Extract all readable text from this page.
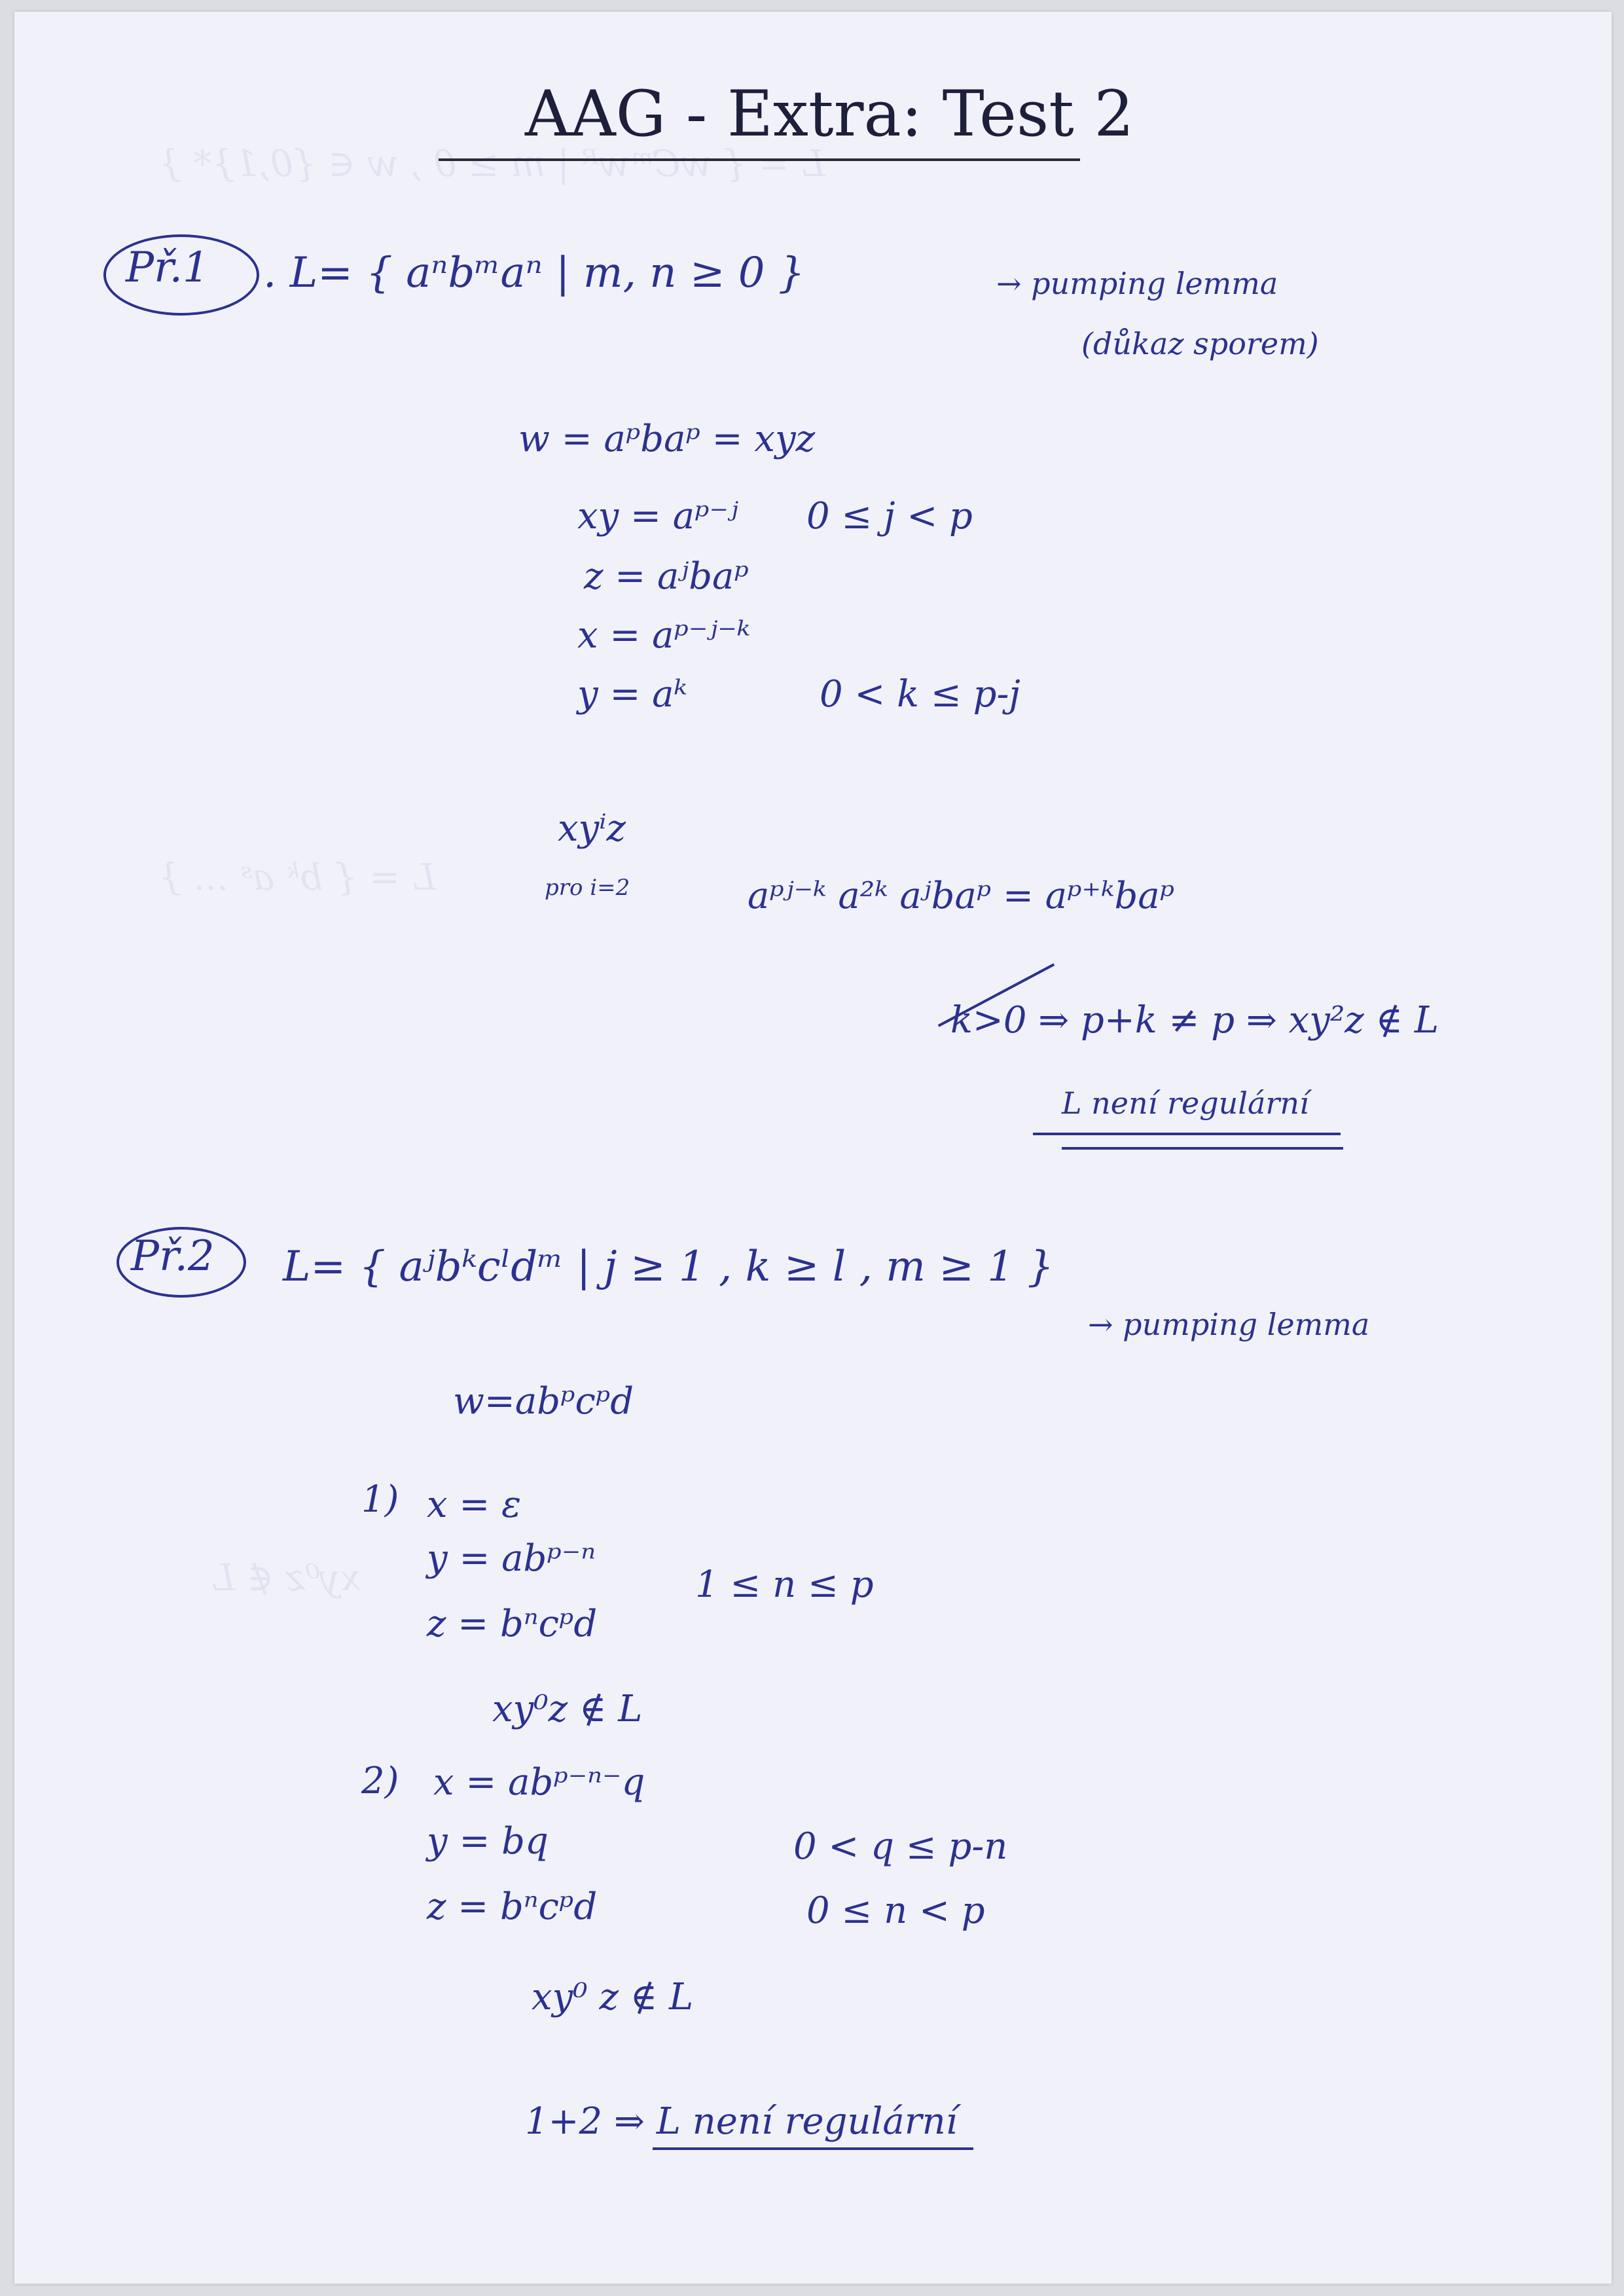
L = { wCᵐwᴿ | m ≥ 0 , w ∈ {0,1}* }
L = { bᵏ aˢ ... }
xy⁰z ∉ L
AAG - Extra: Test 2
Př.1 . L= { aⁿbᵐaⁿ | m, n ≥ 0 }	→ pumping lemma
(důkaz sporem)
w = aᵖbaᵖ = xyz
xy = aᵖ⁻ʲ 0 ≤ j < p
z = aʲbaᵖ
x = aᵖ⁻ʲ⁻ᵏ
y = aᵏ	0 < k ≤ p-j
xyⁱz
pro i=2	aᵖʲ⁻ᵏ a²ᵏ aʲbaᵖ = aᵖ⁺ᵏbaᵖ
k>0 ⇒ p+k ≠ p ⇒ xy²z ∉ L
L není regulární
Př.2 L= { aʲbᵏcˡdᵐ | j ≥ 1 , k ≥ l , m ≥ 1 }
→ pumping lemma
w=abᵖcᵖd
1) x = ε
y = abᵖ⁻ⁿ
1 ≤ n ≤ p
z = bⁿcᵖd
xy⁰z ∉ L
2) x = abᵖ⁻ⁿ⁻q
y = bq	0 < q ≤ p-n
z = bⁿcᵖd	0 ≤ n < p
xy⁰ z ∉ L
1+2 ⇒ L není regulární
